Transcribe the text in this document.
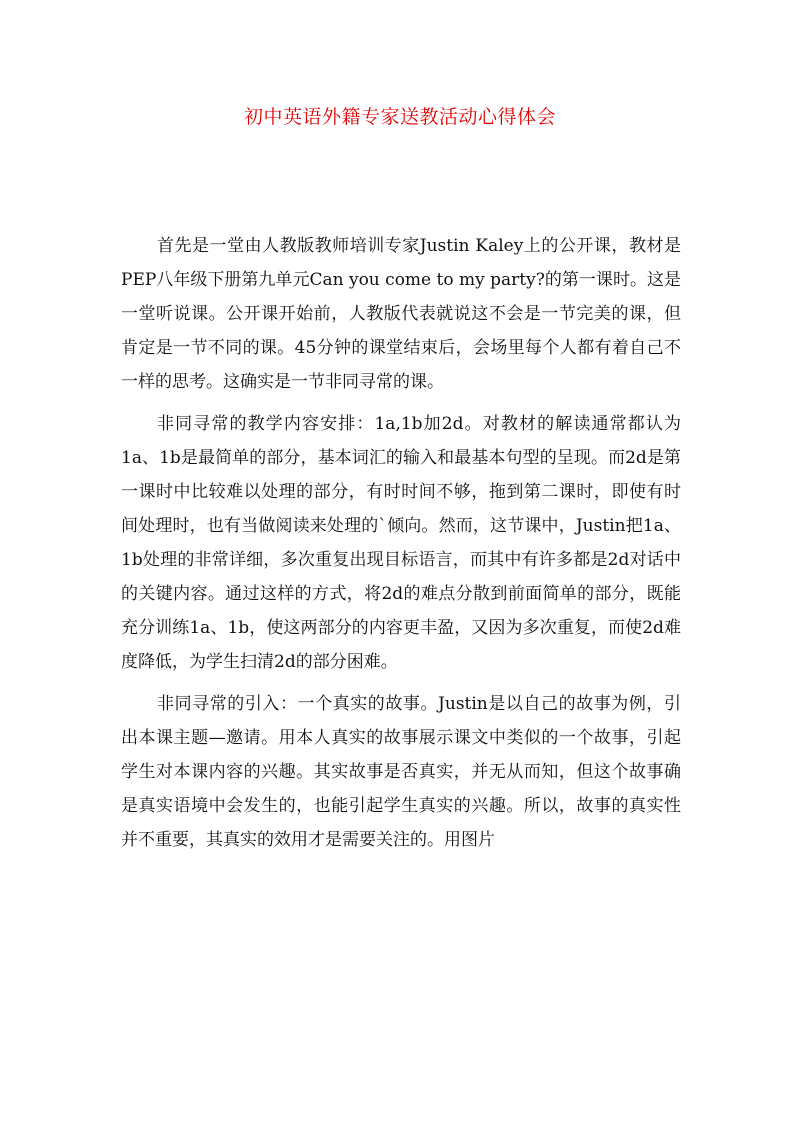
初中英语外籍专家送教活动心得体会

首先是一堂由人教版教师培训专家Justin Kaley上的公开课，教材是PEP八年级下册第九单元Can you come to my party?的第一课时。这是一堂听说课。公开课开始前，人教版代表就说这不会是一节完美的课，但肯定是一节不同的课。45分钟的课堂结束后，会场里每个人都有着自己不一样的思考。这确实是一节非同寻常的课。

非同寻常的教学内容安排：1a,1b加2d。对教材的解读通常都认为1a、1b是最简单的部分，基本词汇的输入和最基本句型的呈现。而2d是第一课时中比较难以处理的部分，有时时间不够，拖到第二课时，即使有时间处理时，也有当做阅读来处理的`倾向。然而，这节课中，Justin把1a、1b处理的非常详细，多次重复出现目标语言，而其中有许多都是2d对话中的关键内容。通过这样的方式，将2d的难点分散到前面简单的部分，既能充分训练1a、1b，使这两部分的内容更丰盈，又因为多次重复，而使2d难度降低，为学生扫清2d的部分困难。

非同寻常的引入：一个真实的故事。Justin是以自己的故事为例，引出本课主题—邀请。用本人真实的故事展示课文中类似的一个故事，引起学生对本课内容的兴趣。其实故事是否真实，并无从而知，但这个故事确是真实语境中会发生的，也能引起学生真实的兴趣。所以，故事的真实性并不重要，其真实的效用才是需要关注的。用图片
